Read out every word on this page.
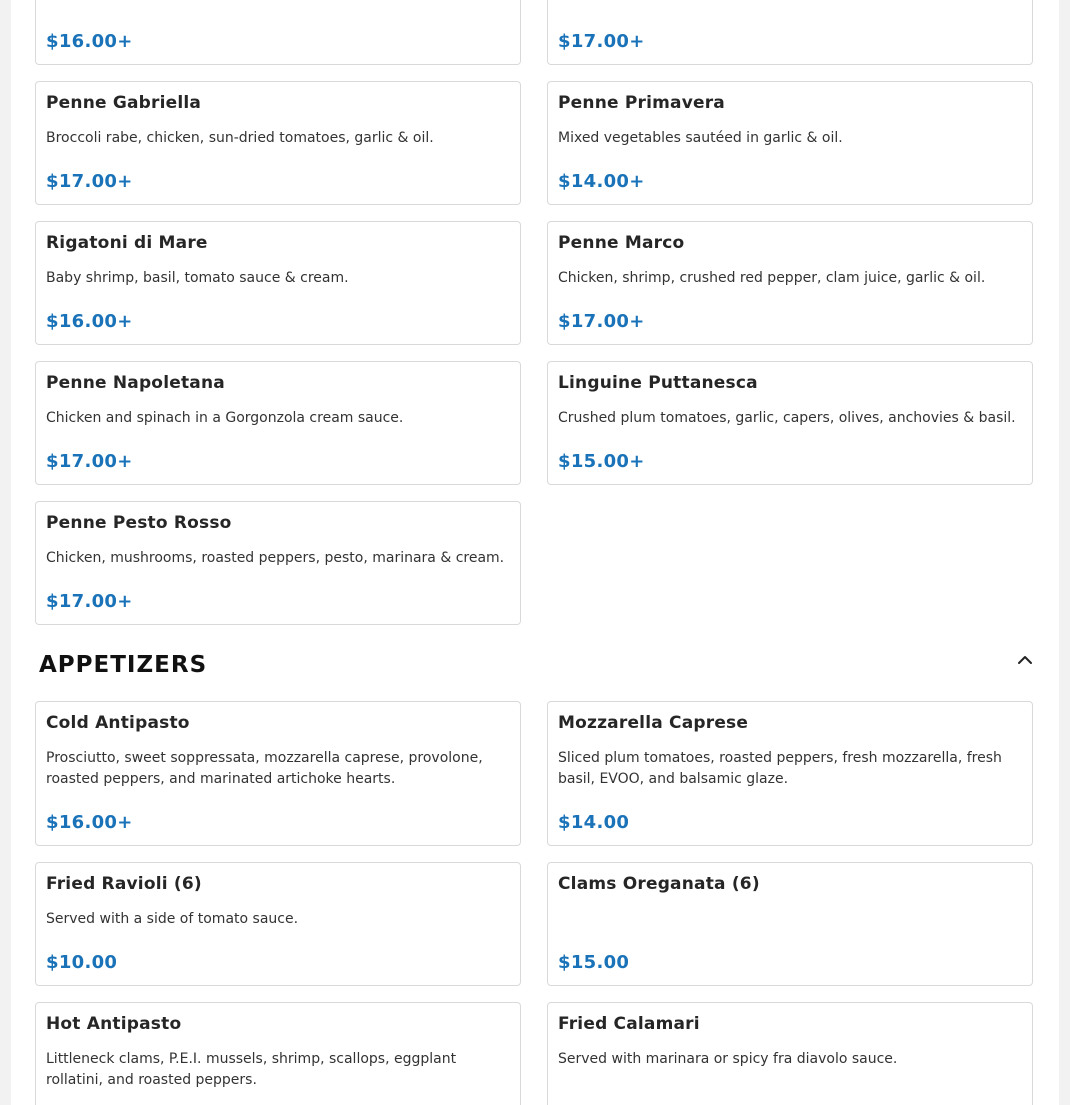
$16.00+	$17.00+
Penne Gabriella
Broccoli rabe, chicken, sun-dried tomatoes, garlic & oil.
$17.00+
Penne Primavera
Mixed vegetables sautéed in garlic & oil.
$14.00+
Rigatoni di Mare
Baby shrimp, basil, tomato sauce & cream.
$16.00+
Penne Marco
Chicken, shrimp, crushed red pepper, clam juice, garlic & oil.
$17.00+
Penne Napoletana
Chicken and spinach in a Gorgonzola cream sauce.
$17.00+
Linguine Puttanesca
Crushed plum tomatoes, garlic, capers, olives, anchovies & basil.
$15.00+
Penne Pesto Rosso
Chicken, mushrooms, roasted peppers, pesto, marinara & cream.
$17.00+
APPETIZERS
Cold Antipasto
Prosciutto, sweet soppressata, mozzarella caprese, provolone, roasted peppers, and marinated artichoke hearts.
$16.00+
Mozzarella Caprese
Sliced plum tomatoes, roasted peppers, fresh mozzarella, fresh basil, EVOO, and balsamic glaze.
$14.00
Fried Ravioli (6)
Served with a side of tomato sauce.
$10.00
Clams Oreganata (6)
$15.00
Hot Antipasto
Littleneck clams, P.E.I. mussels, shrimp, scallops, eggplant rollatini, and roasted peppers.
Fried Calamari
Served with marinara or spicy fra diavolo sauce.
